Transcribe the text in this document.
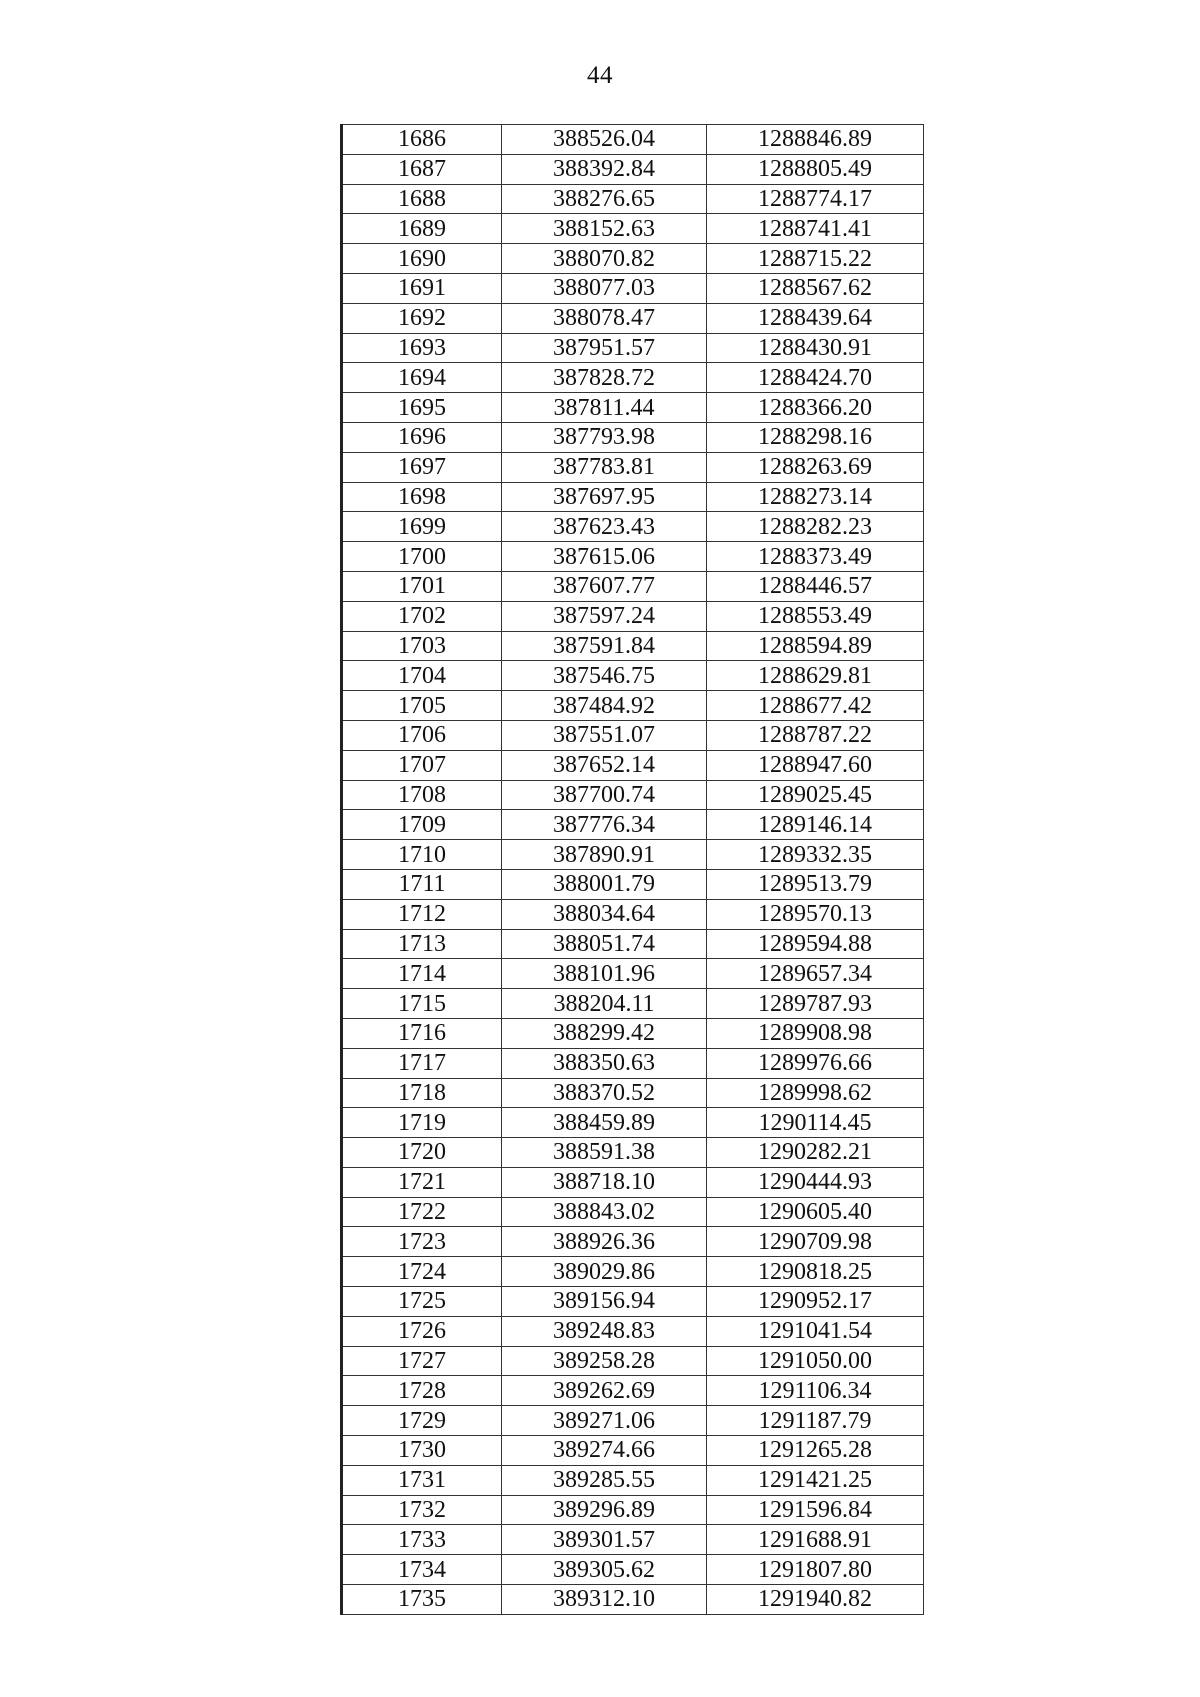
44
1686	388526.04	1288846.89
1687	388392.84	1288805.49
1688	388276.65	1288774.17
1689	388152.63	1288741.41
1690	388070.82	1288715.22
1691	388077.03	1288567.62
1692	388078.47	1288439.64
1693	387951.57	1288430.91
1694	387828.72	1288424.70
1695	387811.44	1288366.20
1696	387793.98	1288298.16
1697	387783.81	1288263.69
1698	387697.95	1288273.14
1699	387623.43	1288282.23
1700	387615.06	1288373.49
1701	387607.77	1288446.57
1702	387597.24	1288553.49
1703	387591.84	1288594.89
1704	387546.75	1288629.81
1705	387484.92	1288677.42
1706	387551.07	1288787.22
1707	387652.14	1288947.60
1708	387700.74	1289025.45
1709	387776.34	1289146.14
1710	387890.91	1289332.35
1711	388001.79	1289513.79
1712	388034.64	1289570.13
1713	388051.74	1289594.88
1714	388101.96	1289657.34
1715	388204.11	1289787.93
1716	388299.42	1289908.98
1717	388350.63	1289976.66
1718	388370.52	1289998.62
1719	388459.89	1290114.45
1720	388591.38	1290282.21
1721	388718.10	1290444.93
1722	388843.02	1290605.40
1723	388926.36	1290709.98
1724	389029.86	1290818.25
1725	389156.94	1290952.17
1726	389248.83	1291041.54
1727	389258.28	1291050.00
1728	389262.69	1291106.34
1729	389271.06	1291187.79
1730	389274.66	1291265.28
1731	389285.55	1291421.25
1732	389296.89	1291596.84
1733	389301.57	1291688.91
1734	389305.62	1291807.80
1735	389312.10	1291940.82
